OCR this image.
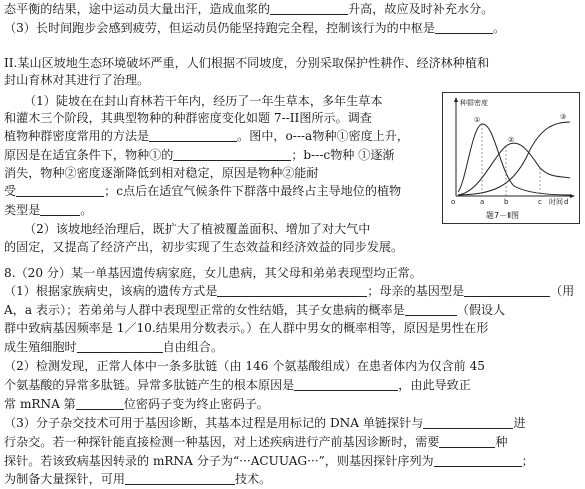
态平衡的结果，途中运动员大量出汗，造成血浆的	升高，故应及时补充水分。
（3）长时间跑步会感到疲劳，但运动员仍能坚持跑完全程，控制该行为的中枢是	。
II.某山区坡地生态环境破坏严重，人们根据不同坡度，分别采取保护性耕作、经济林种植和
封山育林对其进行了治理。
（1）陡坡在在封山育林若干年内，经历了一年生草本，多年生草本
和灌木三个阶段，其典型物种的种群密度变化如题 7--II图所示。调查
植物种群密度常用的方法是	。图中，o---a物种①密度上升，
原因是在适宜条件下，物种①的	；b---c物种 ①逐渐
消失，物种②密度逐渐降低到相对稳定，原因是物种②能耐
受	；c点后在适宜气候条件下群落中最终占主导地位的植物
类型是	。
（2）该坡地经治理后，既扩大了植被覆盖面积、增加了对大气中
的固定，又提高了经济产出，初步实现了生态效益和经济效益的同步发展。
种群密度
o	时间
①
②
③
a	b	c	d
题7－Ⅱ图
8.（20 分）某一单基因遗传病家庭，女儿患病，其父母和弟弟表现型均正常。
（1）根据家族病史，该病的遗传方式是	；母亲的基因型是	（用
A，a 表示）；若弟弟与人群中表现型正常的女性结婚，其子女患病的概率是	（假设人
群中致病基因频率是 1／10.结果用分数表示。）在人群中男女的概率相等，原因是男性在形
成生殖细胞时	自由组合。
（2）检测发现，正常人体中一条多肽链（由 146 个氨基酸组成）在患者体内为仅含前 45
个氨基酸的异常多肽链。异常多肽链产生的根本原因是	，由此导致正
常 mRNA 第	位密码子变为终止密码子。
（3）分子杂交技术可用于基因诊断，其基本过程是用标记的 DNA 单链探针与	进
行杂交。若一种探针能直接检测一种基因，对上述疾病进行产前基因诊断时，需要	种
探针。若该致病基因转录的 mRNA 分子为“···ACUUAG···”，则基因探针序列为	；
为制备大量探针，可用	技术。
